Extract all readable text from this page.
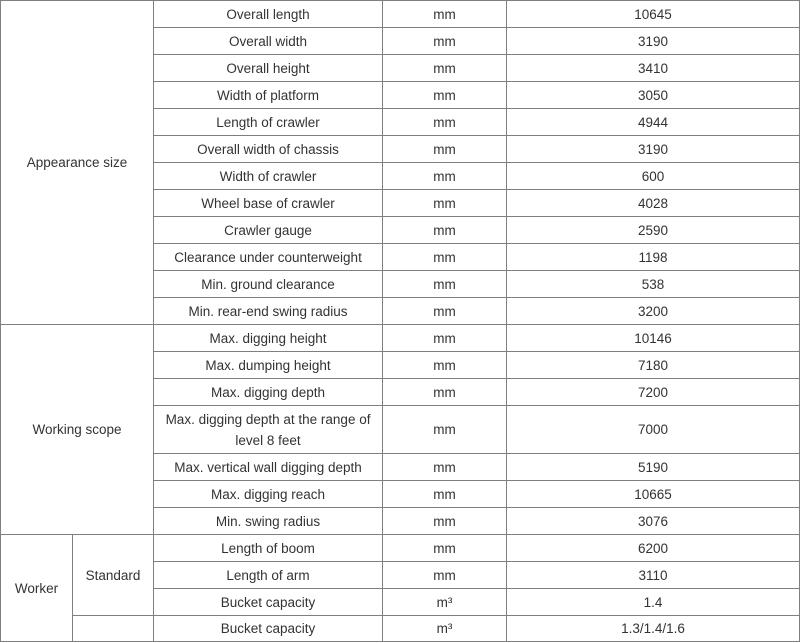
Appearance size		Overall length	mm	10645
		Overall width	mm	3190
		Overall height	mm	3410
		Width of platform	mm	3050
		Length of crawler	mm	4944
		Overall width of chassis	mm	3190
		Width of crawler	mm	600
		Wheel base of crawler	mm	4028
		Crawler gauge	mm	2590
		Clearance under counterweight	mm	1198
		Min. ground clearance	mm	538
		Min. rear-end swing radius	mm	3200
Working scope		Max. digging height	mm	10146
		Max. dumping height	mm	7180
		Max. digging depth	mm	7200
		Max. digging depth at the range of level 8 feet	mm	7000
		Max. vertical wall digging depth	mm	5190
		Max. digging reach	mm	10665
		Min. swing radius	mm	3076
Worker	Standard	Length of boom	mm	6200
		Length of arm	mm	3110
		Bucket capacity	m³	1.4
		Bucket capacity	m³	1.3/1.4/1.6
